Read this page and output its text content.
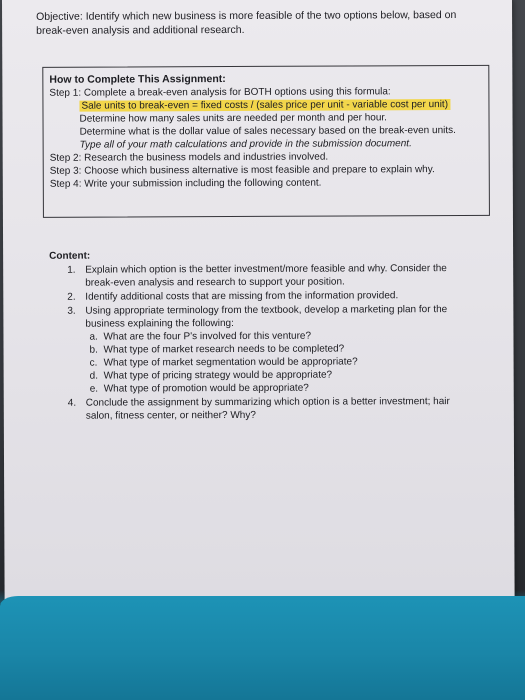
Objective: Identify which new business is more feasible of the two options below, based on
break-even analysis and additional research.
How to Complete This Assignment:
Step 1: Complete a break-even analysis for BOTH options using this formula:
Sale units to break-even = fixed costs / (sales price per unit - variable cost per unit)
Determine how many sales units are needed per month and per hour.
Determine what is the dollar value of sales necessary based on the break-even units.
Type all of your math calculations and provide in the submission document.
Step 2: Research the business models and industries involved.
Step 3: Choose which business alternative is most feasible and prepare to explain why.
Step 4: Write your submission including the following content.
Content:
1. Explain which option is the better investment/more feasible and why. Consider the
break-even analysis and research to support your position.
2. Identify additional costs that are missing from the information provided.
3. Using appropriate terminology from the textbook, develop a marketing plan for the
business explaining the following:
a. What are the four P's involved for this venture?
b. What type of market research needs to be completed?
c. What type of market segmentation would be appropriate?
d. What type of pricing strategy would be appropriate?
e. What type of promotion would be appropriate?
4. Conclude the assignment by summarizing which option is a better investment; hair
salon, fitness center, or neither? Why?
